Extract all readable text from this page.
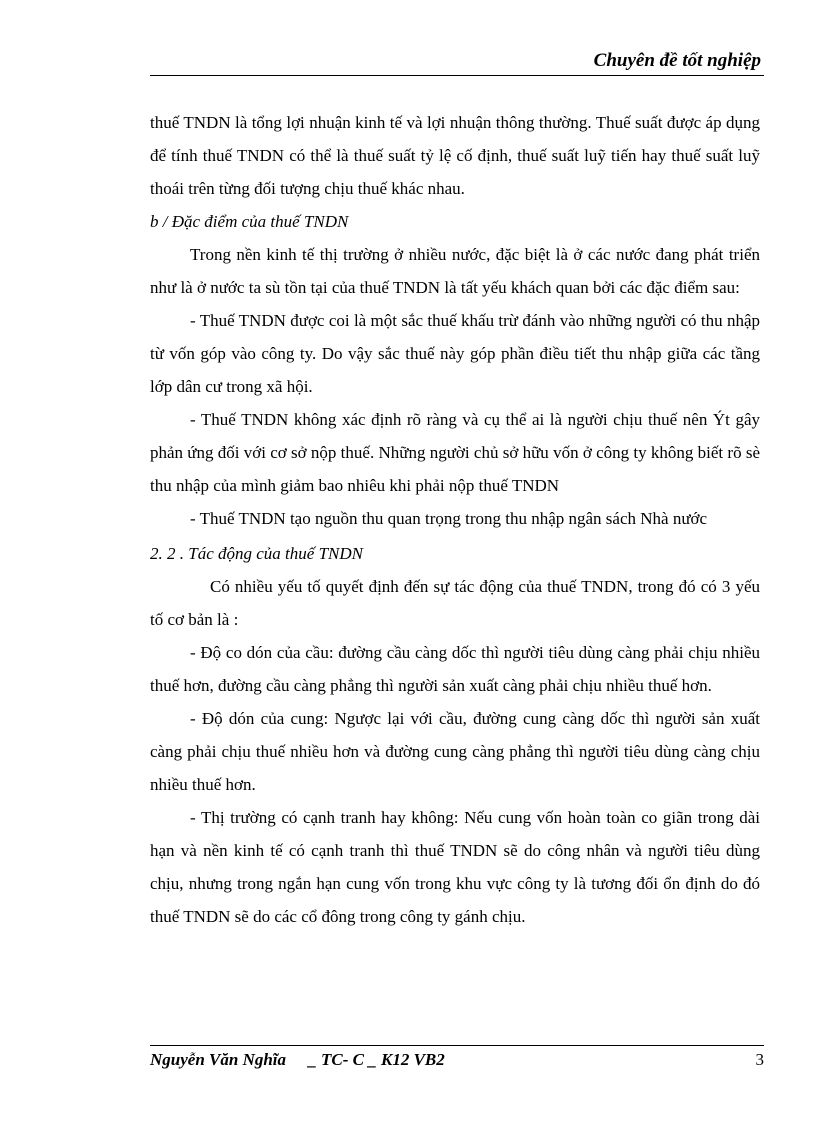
Chuyên đề tốt nghiệp

thuế TNDN là tổng lợi nhuận kinh tế và lợi nhuận thông thường. Thuế suất được áp dụng để tính thuế TNDN có thể là thuế suất tỷ lệ cố định, thuế suất luỹ tiến hay thuế suất luỹ thoái trên từng đối tượng chịu thuế khác nhau.

b / Đặc điểm của thuế TNDN

Trong nền kinh tế thị trường ở nhiều nước, đặc biệt là ở các nước đang phát triển như là ở nước ta sù tồn tại của thuế TNDN là tất yếu khách quan bởi các đặc điểm sau:

- Thuế TNDN được coi là một sắc thuế khấu trừ đánh vào những người có thu nhập từ vốn góp vào công ty. Do vậy sắc thuế này góp phần điều tiết thu nhập giữa các tầng lớp dân cư trong xã hội.

- Thuế TNDN không xác định rõ ràng và cụ thể ai là người chịu thuế nên Ýt gây phản ứng đối với cơ sở nộp thuế. Những người chủ sở hữu vốn ở công ty không biết rõ sè thu nhập của mình giảm bao nhiêu khi phải nộp thuế TNDN

- Thuế TNDN tạo nguồn thu quan trọng trong thu nhập ngân sách Nhà nước

2. 2 . Tác động của thuế TNDN

Có nhiều yếu tố quyết định đến sự tác động của thuế TNDN, trong đó có 3 yếu tố cơ bản là :

- Độ co dón của cầu: đường cầu càng dốc thì người tiêu dùng càng phải chịu nhiều thuế hơn, đường cầu càng phẳng thì người sản xuất càng phải chịu nhiều thuế hơn.

- Độ dón của cung: Ngược lại với cầu, đường cung càng dốc thì người sản xuất càng phải chịu thuế nhiều hơn và đường cung càng phẳng thì người tiêu dùng càng chịu nhiều thuế hơn.

- Thị trường có cạnh tranh hay không: Nếu cung vốn hoàn toàn co giãn trong dài hạn và nền kinh tế có cạnh tranh thì thuế TNDN sẽ do công nhân và người tiêu dùng chịu, nhưng trong ngắn hạn cung vốn trong khu vực công ty là tương đối ổn định do đó thuế TNDN sẽ do các cổ đông trong công ty gánh chịu.

Nguyễn Văn Nghĩa _ TC- C _ K12 VB2	3
